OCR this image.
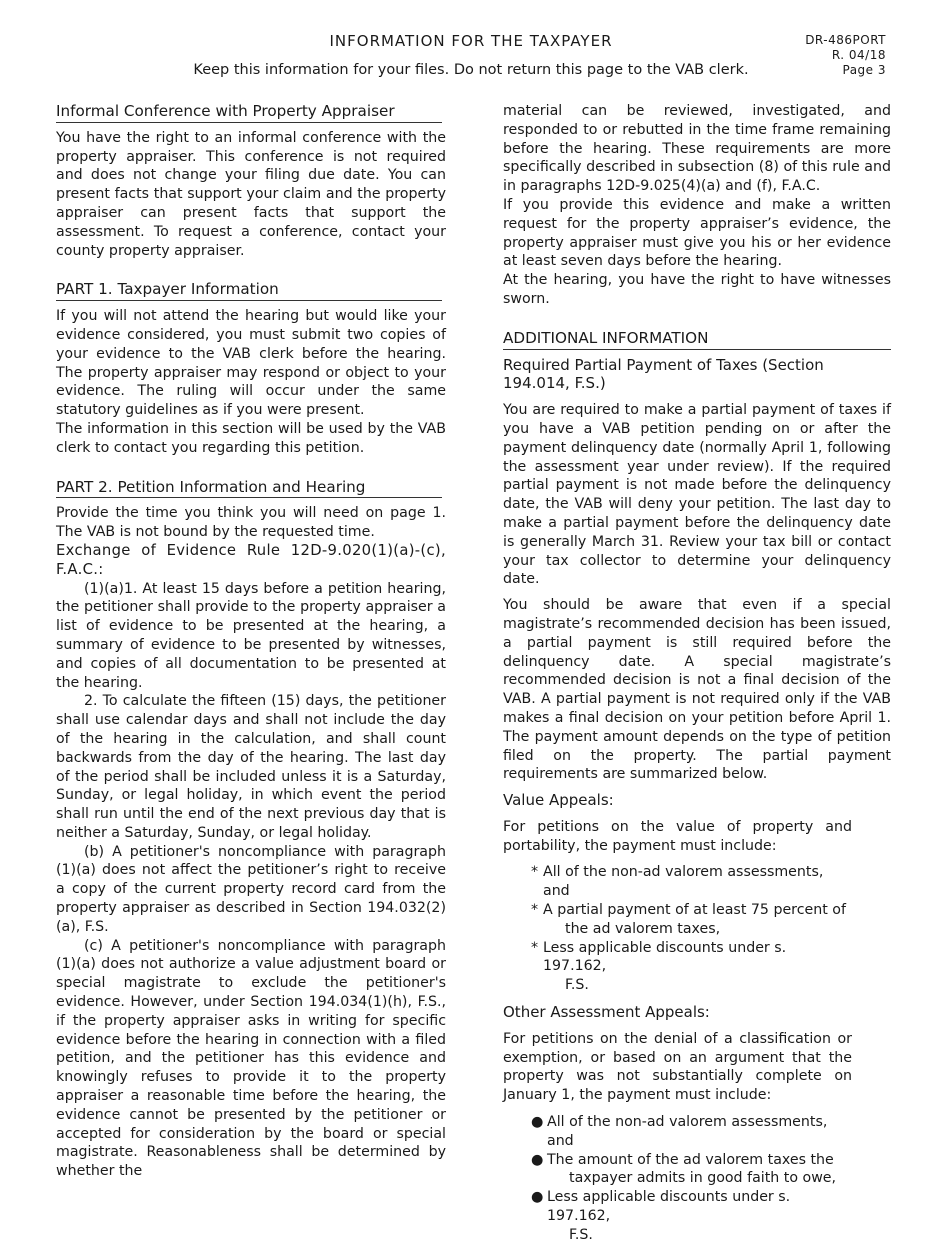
INFORMATION FOR THE TAXPAYER
Keep this information for your files. Do not return this page to the VAB clerk.
DR-486PORT
R. 04/18
Page 3
Informal Conference with Property Appraiser

You have the right to an informal conference with the property appraiser. This conference is not required and does not change your filing due date. You can present facts that support your claim and the property appraiser can present facts that support the assessment. To request a conference, contact your county property appraiser.

PART 1. Taxpayer Information

If you will not attend the hearing but would like your evidence considered, you must submit two copies of your evidence to the VAB clerk before the hearing. The property appraiser may respond or object to your evidence. The ruling will occur under the same statutory guidelines as if you were present.

The information in this section will be used by the VAB clerk to contact you regarding this petition.

PART 2. Petition Information and Hearing

Provide the time you think you will need on page 1. The VAB is not bound by the requested time.

Exchange of Evidence Rule 12D-9.020(1)(a)-(c), F.A.C.:

(1)(a)1. At least 15 days before a petition hearing, the petitioner shall provide to the property appraiser a list of evidence to be presented at the hearing, a summary of evidence to be presented by witnesses, and copies of all documentation to be presented at the hearing.

2. To calculate the fifteen (15) days, the petitioner shall use calendar days and shall not include the day of the hearing in the calculation, and shall count backwards from the day of the hearing. The last day of the period shall be included unless it is a Saturday, Sunday, or legal holiday, in which event the period shall run until the end of the next previous day that is neither a Saturday, Sunday, or legal holiday.

(b) A petitioner's noncompliance with paragraph (1)(a) does not affect the petitioner’s right to receive a copy of the current property record card from the property appraiser as described in Section 194.032(2)(a), F.S.

(c) A petitioner's noncompliance with paragraph (1)(a) does not authorize a value adjustment board or special magistrate to exclude the petitioner's evidence. However, under Section 194.034(1)(h), F.S., if the property appraiser asks in writing for specific evidence before the hearing in connection with a filed petition, and the petitioner has this evidence and knowingly refuses to provide it to the property appraiser a reasonable time before the hearing, the evidence cannot be presented by the petitioner or accepted for consideration by the board or special magistrate. Reasonableness shall be determined by whether the

material can be reviewed, investigated, and responded to or rebutted in the time frame remaining before the hearing. These requirements are more specifically described in subsection (8) of this rule and in paragraphs 12D-9.025(4)(a) and (f), F.A.C.

If you provide this evidence and make a written request for the property appraiser’s evidence, the property appraiser must give you his or her evidence at least seven days before the hearing.

At the hearing, you have the right to have witnesses sworn.

ADDITIONAL INFORMATION
Required Partial Payment of Taxes (Section 194.014, F.S.)

You are required to make a partial payment of taxes if you have a VAB petition pending on or after the payment delinquency date (normally April 1, following the assessment year under review). If the required partial payment is not made before the delinquency date, the VAB will deny your petition. The last day to make a partial payment before the delinquency date is generally March 31. Review your tax bill or contact your tax collector to determine your delinquency date.

You should be aware that even if a special magistrate’s recommended decision has been issued, a partial payment is still required before the delinquency date. A special magistrate’s recommended decision is not a final decision of the VAB. A partial payment is not required only if the VAB makes a final decision on your petition before April 1. The payment amount depends on the type of petition filed on the property. The partial payment requirements are summarized below.

Value Appeals:

For petitions on the value of property and portability, the payment must include:

* All of the non-ad valorem assessments, and
* A partial payment of at least 75 percent of
the ad valorem taxes,
* Less applicable discounts under s. 197.162,
F.S.
Other Assessment Appeals:

For petitions on the denial of a classification or exemption, or based on an argument that the property was not substantially complete on January 1, the payment must include:

● All of the non-ad valorem assessments, and
● The amount of the ad valorem taxes the
taxpayer admits in good faith to owe,
● Less applicable discounts under s. 197.162,
F.S.
